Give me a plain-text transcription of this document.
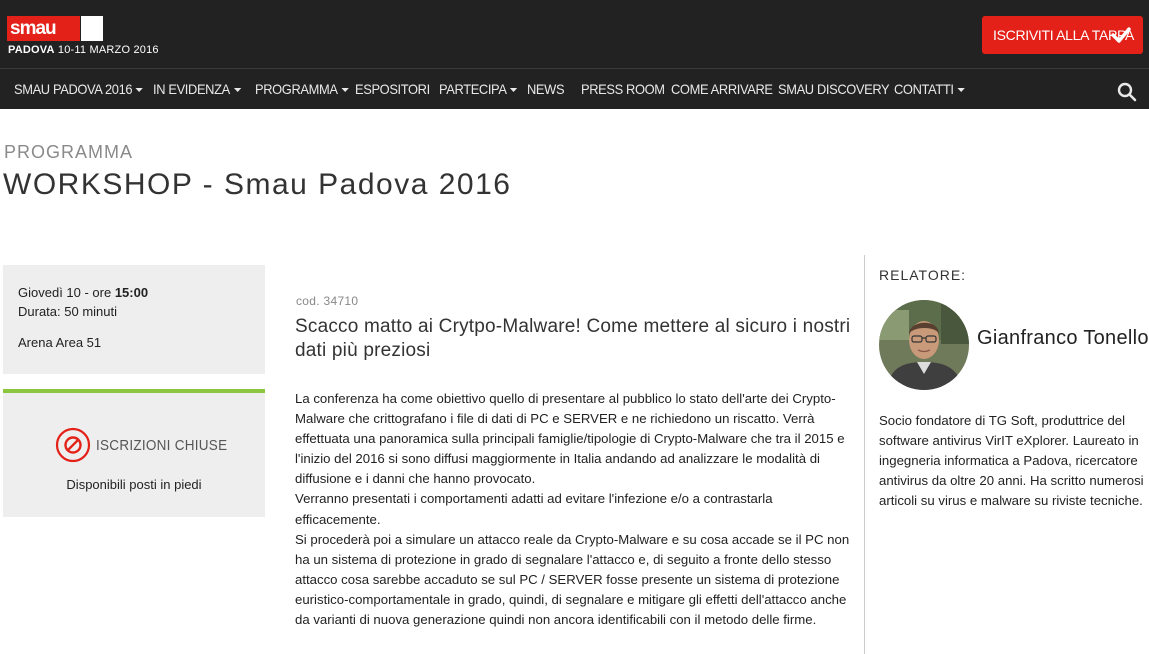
smau
PADOVA 10-11 MARZO 2016
ISCRIVITI ALLA TAPPA
SMAU PADOVA 2016	IN EVIDENZA	PROGRAMMA	ESPOSITORI PARTECIPA	NEWS PRESS ROOM COME ARRIVARE SMAU DISCOVERY CONTATTI
PROGRAMMA
WORKSHOP - Smau Padova 2016
Giovedì 10 - ore 15:00
Durata: 50 minuti
Arena Area 51
ISCRIZIONI CHIUSE
Disponibili posti in piedi
cod. 34710
Scacco matto ai Crytpo-Malware! Come mettere al sicuro i nostri dati più preziosi
La conferenza ha come obiettivo quello di presentare al pubblico lo stato dell'arte dei Crypto-Malware che crittografano i file di dati di PC e SERVER e ne richiedono un riscatto. Verrà effettuata una panoramica sulla principali famiglie/tipologie di Crypto-Malware che tra il 2015 e l'inizio del 2016 si sono diffusi maggiormente in Italia andando ad analizzare le modalità di diffusione e i danni che hanno provocato.
Verranno presentati i comportamenti adatti ad evitare l'infezione e/o a contrastarla efficacemente.
Si procederà poi a simulare un attacco reale da Crypto-Malware e su cosa accade se il PC non ha un sistema di protezione in grado di segnalare l'attacco e, di seguito a fronte dello stesso attacco cosa sarebbe accaduto se sul PC / SERVER fosse presente un sistema di protezione euristico-comportamentale in grado, quindi, di segnalare e mitigare gli effetti dell'attacco anche da varianti di nuova generazione quindi non ancora identificabili con il metodo delle firme.
RELATORE:
Gianfranco Tonello
Socio fondatore di TG Soft, produttrice del software antivirus VirIT eXplorer. Laureato in ingegneria informatica a Padova, ricercatore antivirus da oltre 20 anni. Ha scritto numerosi articoli su virus e malware su riviste tecniche.
